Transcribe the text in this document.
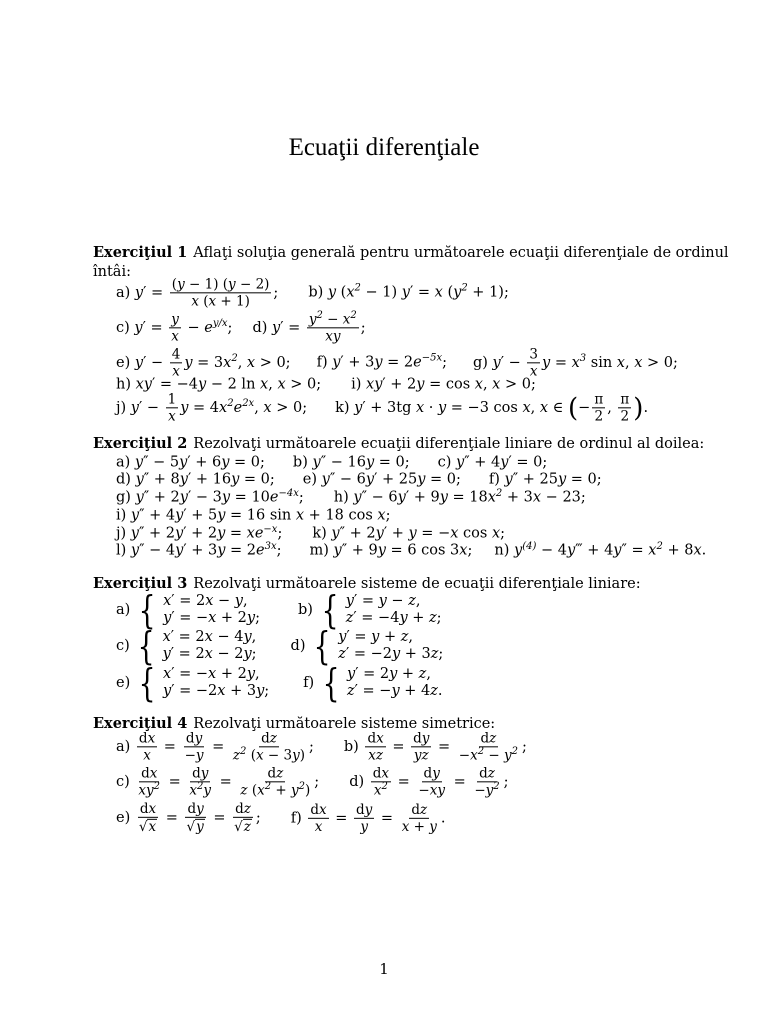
Ecuaţii diferenţiale
Exerciţiul 1 Aflaţi soluţia generală pentru următoarele ecuaţii diferenţiale de ordinul
întâi:
a) $y' = \frac{(y - 1) (y - 2)}{x (x + 1)}$ ; b) y $(x^2 - 1) y' = x$ $(y^2 + 1)$;
c) $y' = \frac{y}{x} - e^{y/x}$; d) $y' = \frac{y^2 - x^2}{xy}$ ;
e) $y' - \frac{4}{x}$ $y = 3x^2$, x > 0; f) $y' + 3y = 2e^{-5x}$; g) $y' - \frac{3}{x}$ $y = x^3$ sin x, x > 0;
h) xy′ = −4y − 2 ln x, x > 0; i) xy′ + 2y = cos x, x > 0;
j) $y' - \frac{1}{x}$ $y = 4x^2e^{2x}$, x > 0; k) y′ + 3tg x · y = −3 cos x, x ∈ (− $\frac{\pi}{2}$ , $\frac{\pi}{2}$ ).
Exerciţiul 2 Rezolvaţi următoarele ecuaţii diferenţiale liniare de ordinul al doilea:
a) y″ − 5y′ + 6y = 0; b) y″ − 16y = 0; c) y″ + 4y′ = 0;
d) y″ + 8y′ + 16y = 0; e) y″ − 6y′ + 25y = 0; f) y″ + 25y = 0;
g) $y'' + 2y' - 3y = 10e^{-4x}$; h) $y'' - 6y' + 9y = 18x^2 + 3x - 23$;
i) y″ + 4y′ + 5y = 16 sin x + 18 cos x;
j) $y'' + 2y' + 2y = xe^{-x}$; k) y″ + 2y′ + y = −x cos x;
l) $y'' - 4y' + 3y = 2e^{3x}$; m) y″ + 9y = 6 cos 3x; n) $y^{(4)}$ − 4y‴ + $4y'' = x^2 + 8x$.
Exerciţiul 3 Rezolvaţi următoarele sisteme de ecuaţii diferenţiale liniare:
a) { x′ = 2x − y,
y′ = −x + 2y;	b) { y′ = y − z,
z′ = −4y + z;
c) { x′ = 2x − 4y,
y′ = 2x − 2y; d) { y′ = y + z,
z′ = −2y + 3z;
e) { x′ = −x + 2y,
y′ = −2x + 3y; f) { y′ = 2y + z,
z′ = −y + 4z.
Exerciţiul 4 Rezolvaţi următoarele sisteme simetrice:
$a) \frac{dx}{x} = \frac{dy}{-y} = \frac{dz}{z^2 (x - 3y)}$ ; $b) \frac{dx}{xz} = \frac{dy}{yz} = \frac{dz}{-x^2 - y^2}$ ;
$c) \frac{dx}{xy^2} = \frac{dy}{x^2y} = \frac{dz}{z (x^2 + y^2)}$ ; $d) \frac{dx}{x^2} = \frac{dy}{-xy} = \frac{dz}{-y^2}$ ;
$e) \frac{dx}{√x} = \frac{dy}{√y} = \frac{dz}{√z}$ ; $f) \frac{dx}{x} = \frac{dy}{y} = \frac{dz}{x + y}$ .
1
